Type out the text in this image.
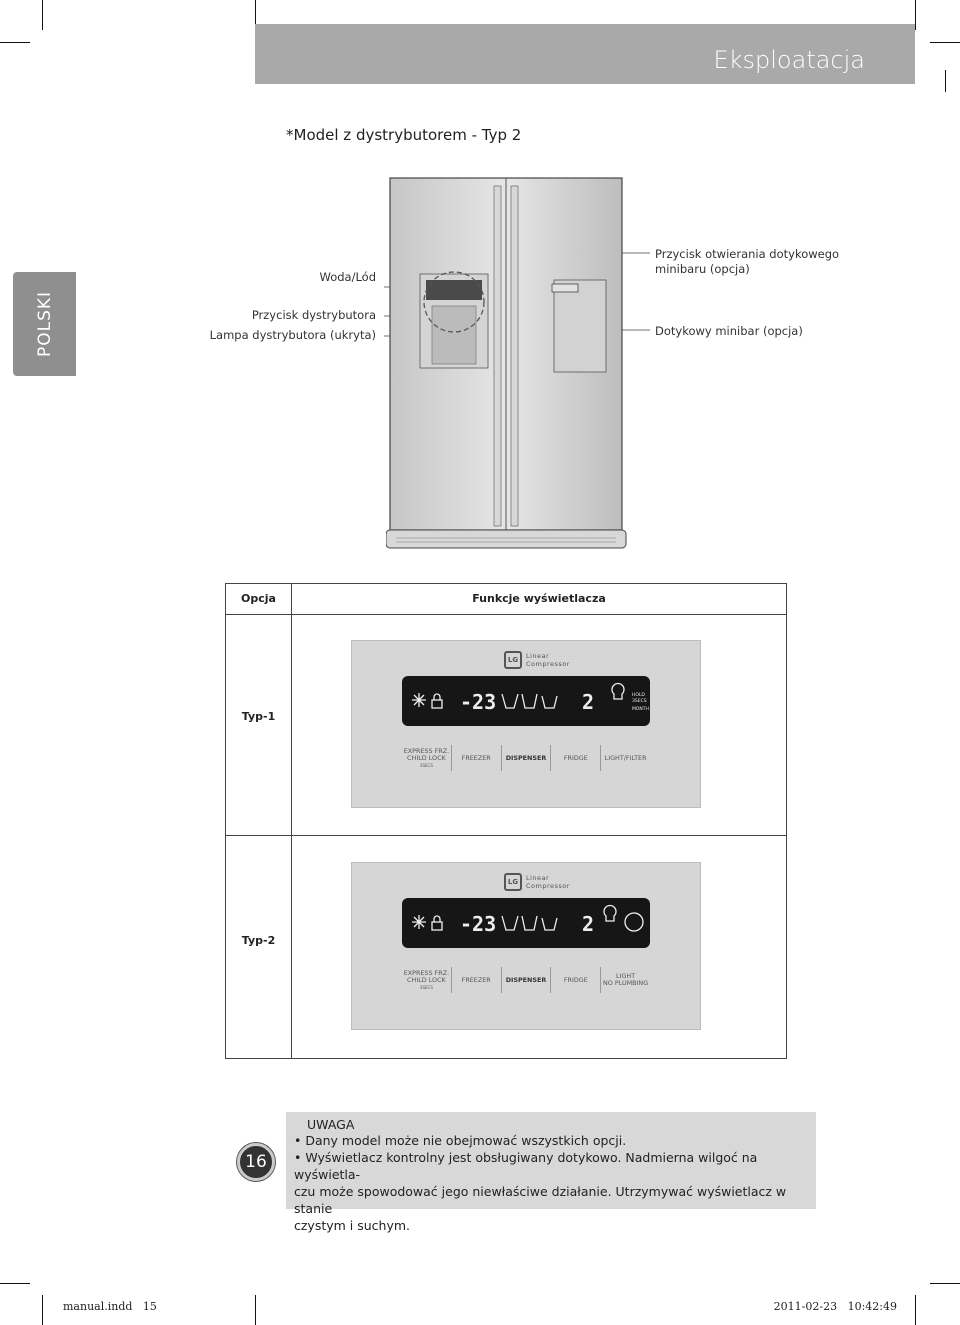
Eksploatacja
POLSKI
*Model z dystrybutorem - Typ 2
Woda/Lód
Przycisk dystrybutora
Lampa dystrybutora (ukryta)
Przycisk otwierania dotykowego
minibaru (opcja)
Dotykowy minibar (opcja)
Opcja	Funkcje wyświetlacza
Typ-1
Typ-2
LG	Linear
Compressor
-23	2	HOLD
3SECS
MONTH
EXPRESS FRZ.
CHILD LOCK 3SECS
FREEZER	DISPENSER	FRIDGE	LIGHT/FILTER
LG	Linear
Compressor
-23	2
EXPRESS FRZ.
CHILD LOCK 3SECS
FREEZER	DISPENSER	FRIDGE	LIGHT
NO PLUMBING
16
UWAGA
• Dany model może nie obejmować wszystkich opcji.
• Wyświetlacz kontrolny jest obsługiwany dotykowo. Nadmierna wilgoć na wyświetla-
czu może spowodować jego niewłaściwe działanie. Utrzymywać wyświetlacz w stanie
czystym i suchym.
manual.indd   15	2011-02-23   10:42:49
